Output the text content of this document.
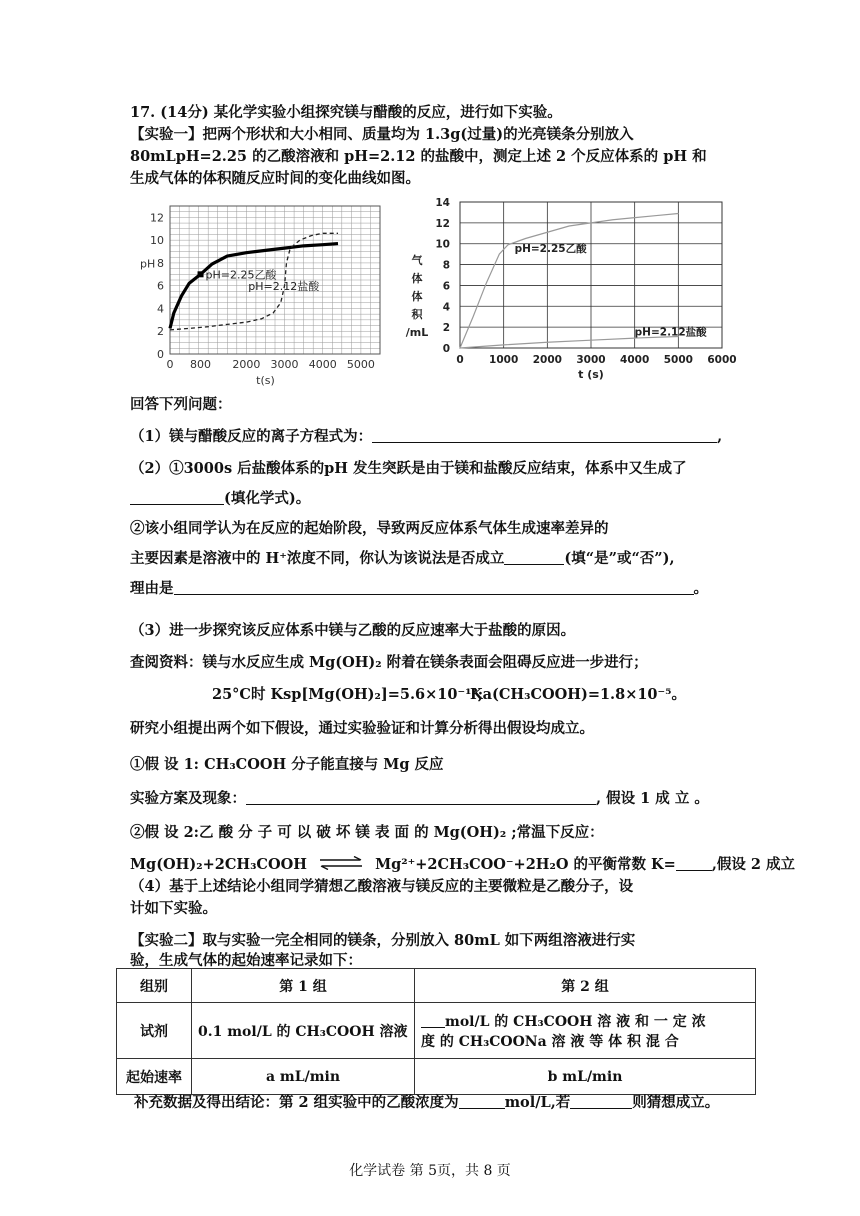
17. (14分) 某化学实验小组探究镁与醋酸的反应，进行如下实验。
【实验一】把两个形状和大小相同、质量均为 1.3g(过量)的光亮镁条分别放入
80mLpH=2.25 的乙酸溶液和 pH=2.12 的盐酸中，测定上述 2 个反应体系的 pH 和
生成气体的体积随反应时间的变化曲线如图。
0
2
4
6
8
10
12
0 800 2000 3000 4000 5000
pH
t(s)
pH=2.25乙酸
pH=2.12盐酸
0
2
4
6
8
10
12
14
0 1000 2000 3000 4000 5000 6000
气
体
体
积
/mL
t (s)
pH=2.25乙酸
pH=2.12盐酸
回答下列问题：
（1）镁与醋酸反应的离子方程式为：	,
（2）①3000s 后盐酸体系的pH 发生突跃是由于镁和盐酸反应结束，体系中又生成了
(填化学式)。
②该小组同学认为在反应的起始阶段，导致两反应体系气体生成速率差异的
主要因素是溶液中的 H⁺浓度不同，你认为该说法是否成立	(填“是”或“否”),
理由是	。
（3）进一步探究该反应体系中镁与乙酸的反应速率大于盐酸的原因。
查阅资料：镁与水反应生成 Mg(OH)₂ 附着在镁条表面会阻碍反应进一步进行；
25°C时 Ksp[Mg(OH)₂]=5.6×10⁻¹²;
Ka(CH₃COOH)=1.8×10⁻⁵。
研究小组提出两个如下假设，通过实验验证和计算分析得出假设均成立。
①假 设 1: CH₃COOH 分子能直接与 Mg 反应
实验方案及现象：	, 假设 1 成 立 。
②假 设 2:乙 酸 分 子 可 以 破 坏 镁 表 面 的 Mg(OH)₂ ;常温下反应：
Mg(OH)₂+2CH₃COOH ⇌ Mg²⁺+2CH₃COO⁻+2H₂O 的平衡常数 K= ,假设 2 成立
（4）基于上述结论小组同学猜想乙酸溶液与镁反应的主要微粒是乙酸分子，设
计如下实验。
【实验二】取与实验一完全相同的镁条，分别放入 80mL 如下两组溶液进行实
验，生成气体的起始速率记录如下：
组别	第 1 组	第 2 组
试剂	0.1 mol/L 的 CH₃COOH 溶液	mol/L 的 CH₃COOH 溶 液 和 一 定 浓
度 的 CH₃COONa 溶 液 等 体 积 混 合

起始速率	a mL/min	b mL/min
补充数据及得出结论：第 2 组实验中的乙酸浓度为	mol/L,若	则猜想成立。
化学试卷 第 5页，共 8 页
